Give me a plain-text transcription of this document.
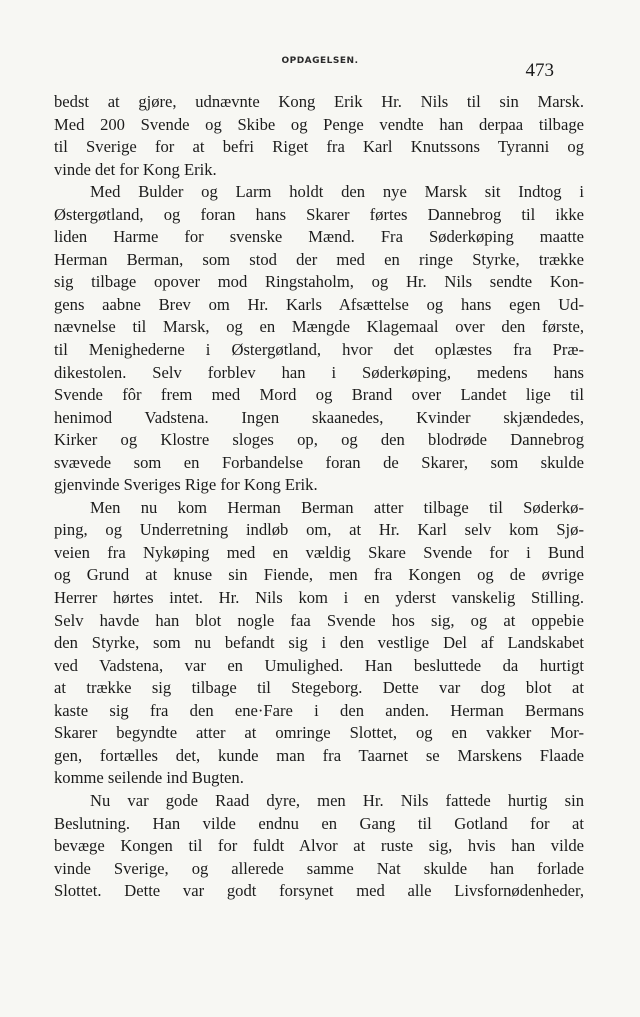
OPDAGELSEN.	473
bedst at gjøre, udnævnte Kong Erik Hr. Nils til sin Marsk.
Med 200 Svende og Skibe og Penge vendte han derpaa tilbage
til Sverige for at befri Riget fra Karl Knutssons Tyranni og
vinde det for Kong Erik.
Med Bulder og Larm holdt den nye Marsk sit Indtog i
Østergøtland, og foran hans Skarer førtes Dannebrog til ikke
liden Harme for svenske Mænd. Fra Søderkøping maatte
Herman Berman, som stod der med en ringe Styrke, trække
sig tilbage opover mod Ringstaholm, og Hr. Nils sendte Kon-
gens aabne Brev om Hr. Karls Afsættelse og hans egen Ud-
nævnelse til Marsk, og en Mængde Klagemaal over den første,
til Menighederne i Østergøtland, hvor det oplæstes fra Præ-
dikestolen. Selv forblev han i Søderkøping, medens hans
Svende fôr frem med Mord og Brand over Landet lige til
henimod Vadstena. Ingen skaanedes, Kvinder skjændedes,
Kirker og Klostre sloges op, og den blodrøde Dannebrog
svævede som en Forbandelse foran de Skarer, som skulde
gjenvinde Sveriges Rige for Kong Erik.
Men nu kom Herman Berman atter tilbage til Søderkø-
ping, og Underretning indløb om, at Hr. Karl selv kom Sjø-
veien fra Nykøping med en vældig Skare Svende for i Bund
og Grund at knuse sin Fiende, men fra Kongen og de øvrige
Herrer hørtes intet. Hr. Nils kom i en yderst vanskelig Stilling.
Selv havde han blot nogle faa Svende hos sig, og at oppebie
den Styrke, som nu befandt sig i den vestlige Del af Landskabet
ved Vadstena, var en Umulighed. Han besluttede da hurtigt
at trække sig tilbage til Stegeborg. Dette var dog blot at
kaste sig fra den ene·Fare i den anden. Herman Bermans
Skarer begyndte atter at omringe Slottet, og en vakker Mor-
gen, fortælles det, kunde man fra Taarnet se Marskens Flaade
komme seilende ind Bugten.
Nu var gode Raad dyre, men Hr. Nils fattede hurtig sin
Beslutning. Han vilde endnu en Gang til Gotland for at
bevæge Kongen til for fuldt Alvor at ruste sig, hvis han vilde
vinde Sverige, og allerede samme Nat skulde han forlade
Slottet. Dette var godt forsynet med alle Livsfornødenheder,
